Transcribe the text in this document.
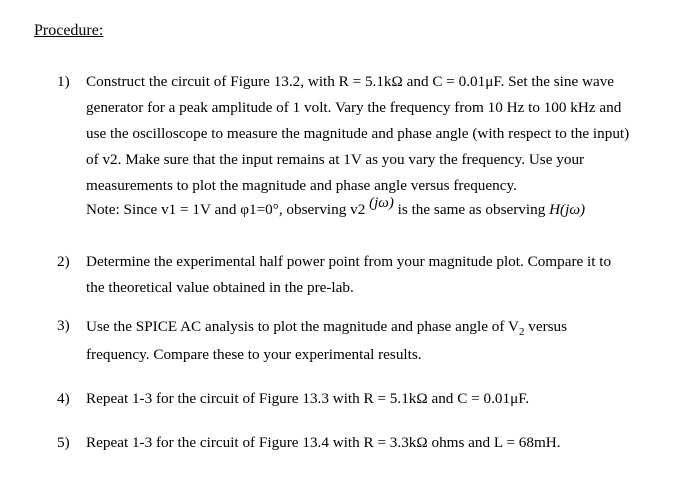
Procedure:
1) Construct the circuit of Figure 13.2, with R = 5.1kΩ and C = 0.01μF. Set the sine wave
generator for a peak amplitude of 1 volt. Vary the frequency from 10 Hz to 100 kHz and
use the oscilloscope to measure the magnitude and phase angle (with respect to the input)
of v2. Make sure that the input remains at 1V as you vary the frequency. Use your
measurements to plot the magnitude and phase angle versus frequency.
Note: Since v1 = 1V and φ1=0°, observing v2 (jω) is the same as observing H(jω)
2) Determine the experimental half power point from your magnitude plot. Compare it to
the theoretical value obtained in the pre-lab.
3) Use the SPICE AC analysis to plot the magnitude and phase angle of $V_2$ versus
frequency. Compare these to your experimental results.
4) Repeat 1-3 for the circuit of Figure 13.3 with R = 5.1kΩ and C = 0.01μF.
5) Repeat 1-3 for the circuit of Figure 13.4 with R = 3.3kΩ ohms and L = 68mH.
